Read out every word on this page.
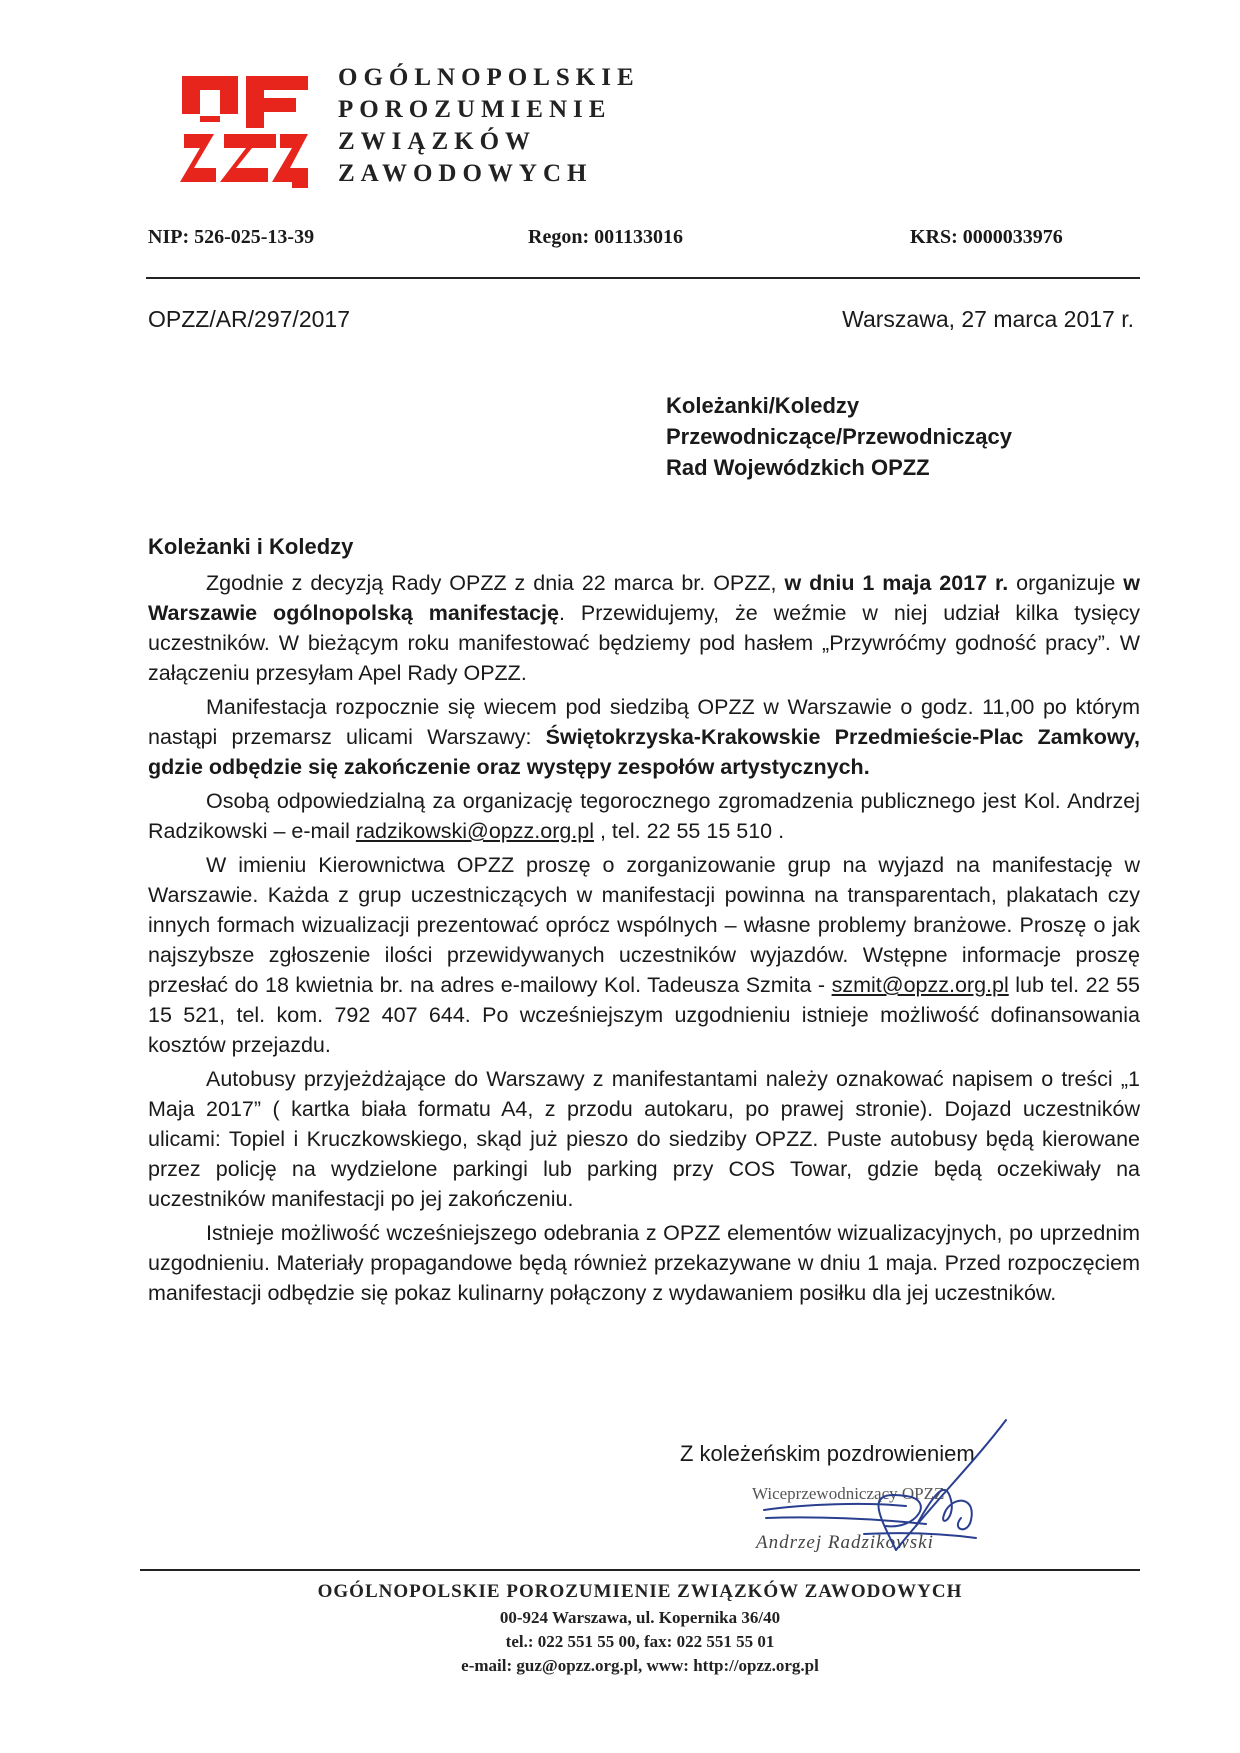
OGÓLNOPOLSKIE
POROZUMIENIE
ZWIĄZKÓW
ZAWODOWYCH
NIP: 526-025-13-39	Regon: 001133016	KRS: 0000033976
OPZZ/AR/297/2017	Warszawa, 27 marca 2017 r.
Koleżanki/Koledzy
Przewodniczące/Przewodniczący
Rad Wojewódzkich OPZZ
Koleżanki i Koledzy

Zgodnie z decyzją Rady OPZZ z dnia 22 marca br. OPZZ, w dniu 1 maja 2017 r. organizuje w Warszawie ogólnopolską manifestację. Przewidujemy, że weźmie w niej udział kilka tysięcy uczestników. W bieżącym roku manifestować będziemy pod hasłem „Przywróćmy godność pracy”. W załączeniu przesyłam Apel Rady OPZZ.

Manifestacja rozpocznie się wiecem pod siedzibą OPZZ w Warszawie o godz. 11,00 po którym nastąpi przemarsz ulicami Warszawy: Świętokrzyska-Krakowskie Przedmieście-Plac Zamkowy, gdzie odbędzie się zakończenie oraz występy zespołów artystycznych.

Osobą odpowiedzialną za organizację tegorocznego zgromadzenia publicznego jest Kol. Andrzej Radzikowski – e-mail radzikowski@opzz.org.pl , tel. 22 55 15 510 .

W imieniu Kierownictwa OPZZ proszę o zorganizowanie grup na wyjazd na manifestację w Warszawie. Każda z grup uczestniczących w manifestacji powinna na transparentach, plakatach czy innych formach wizualizacji prezentować oprócz wspólnych – własne problemy branżowe. Proszę o jak najszybsze zgłoszenie ilości przewidywanych uczestników wyjazdów. Wstępne informacje proszę przesłać do 18 kwietnia br. na adres e-mailowy Kol. Tadeusza Szmita - szmit@opzz.org.pl lub tel. 22 55 15 521, tel. kom. 792 407 644. Po wcześniejszym uzgodnieniu istnieje możliwość dofinansowania kosztów przejazdu.

Autobusy przyjeżdżające do Warszawy z manifestantami należy oznakować napisem o treści „1 Maja 2017” ( kartka biała formatu A4, z przodu autokaru, po prawej stronie). Dojazd uczestników ulicami: Topiel i Kruczkowskiego, skąd już pieszo do siedziby OPZZ. Puste autobusy będą kierowane przez policję na wydzielone parkingi lub parking przy COS Towar, gdzie będą oczekiwały na uczestników manifestacji po jej zakończeniu.

Istnieje możliwość wcześniejszego odebrania z OPZZ elementów wizualizacyjnych, po uprzednim uzgodnieniu. Materiały propagandowe będą również przekazywane w dniu 1 maja. Przed rozpoczęciem manifestacji odbędzie się pokaz kulinarny połączony z wydawaniem posiłku dla jej uczestników.

Z koleżeńskim pozdrowieniem
Wiceprzewodniczący OPZZ
Andrzej Radzikowski
OGÓLNOPOLSKIE POROZUMIENIE ZWIĄZKÓW ZAWODOWYCH
00-924 Warszawa, ul. Kopernika 36/40
tel.: 022 551 55 00, fax: 022 551 55 01
e-mail: guz@opzz.org.pl, www: http://opzz.org.pl
